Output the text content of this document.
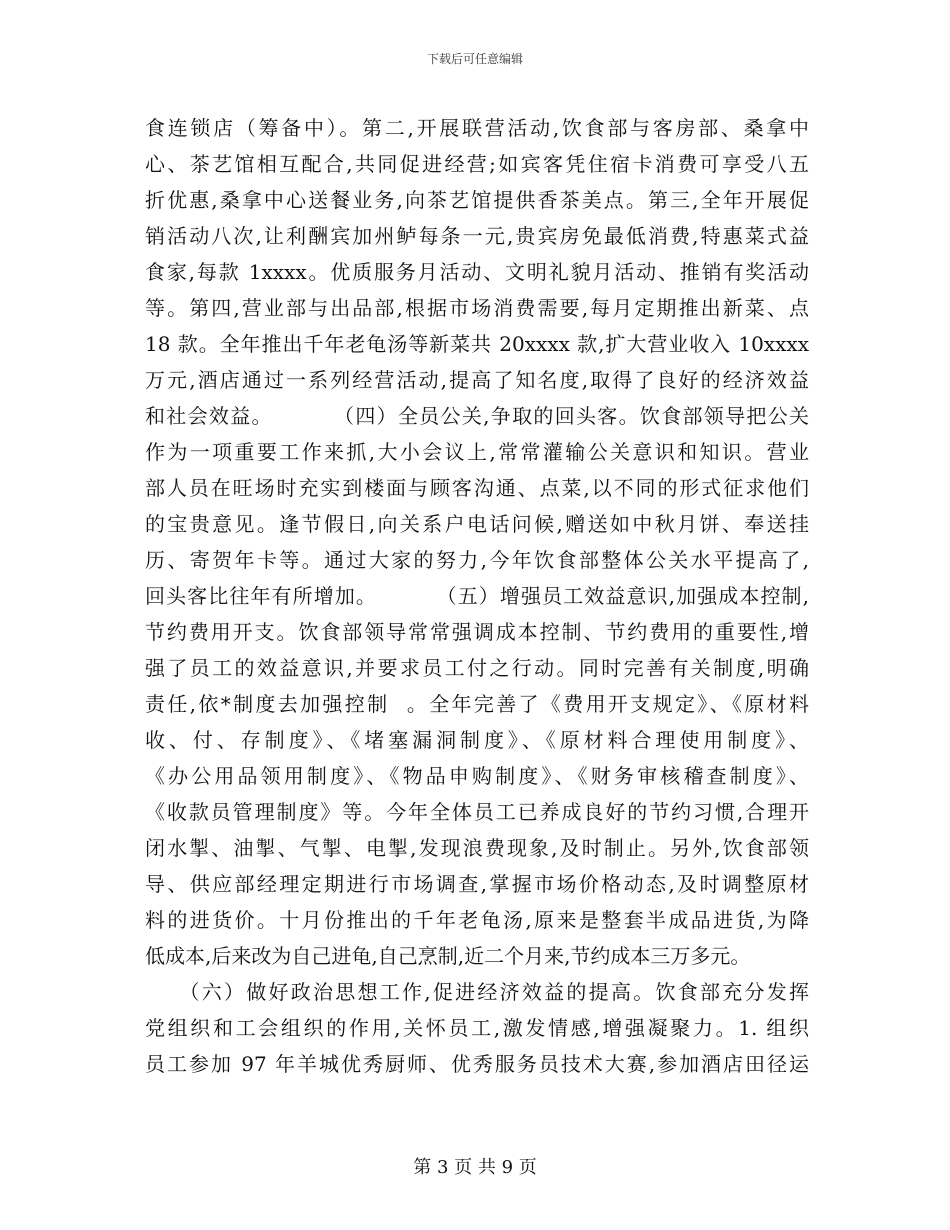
下载后可任意编辑
食连锁店（筹备中）。第二,开展联营活动,饮食部与客房部、桑拿中
心、茶艺馆相互配合,共同促进经营;如宾客凭住宿卡消费可享受八五
折优惠,桑拿中心送餐业务,向茶艺馆提供香茶美点。第三,全年开展促
销活动八次,让利酬宾加州鲈每条一元,贵宾房免最低消费,特惠菜式益
食家,每款 1xxxx。优质服务月活动、文明礼貌月活动、推销有奖活动
等。第四,营业部与出品部,根据市场消费需要,每月定期推出新菜、点
18 款。全年推出千年老龟汤等新菜共 20xxxx 款,扩大营业收入 10xxxx
万元,酒店通过一系列经营活动,提高了知名度,取得了良好的经济效益
和社会效益。        （四）全员公关,争取的回头客。饮食部领导把公关
作为一项重要工作来抓,大小会议上,常常灌输公关意识和知识。营业
部人员在旺场时充实到楼面与顾客沟通、点菜,以不同的形式征求他们
的宝贵意见。逢节假日,向关系户电话问候,赠送如中秋月饼、奉送挂
历、寄贺年卡等。通过大家的努力,今年饮食部整体公关水平提高了,
回头客比往年有所增加。        （五）增强员工效益意识,加强成本控制,
节约费用开支。饮食部领导常常强调成本控制、节约费用的重要性,增
强了员工的效益意识,并要求员工付之行动。同时完善有关制度,明确
责任,依*制度去加强控制  。全年完善了《费用开支规定》、《原材料
收、付、存制度》、《堵塞漏洞制度》、《原材料合理使用制度》、
《办公用品领用制度》、《物品申购制度》、《财务审核稽查制度》、
《收款员管理制度》等。今年全体员工已养成良好的节约习惯,合理开
闭水掣、油掣、气掣、电掣,发现浪费现象,及时制止。另外,饮食部领
导、供应部经理定期进行市场调查,掌握市场价格动态,及时调整原材
料的进货价。十月份推出的千年老龟汤,原来是整套半成品进货,为降
低成本,后来改为自己进龟,自己烹制,近二个月来,节约成本三万多元。
（六）做好政治思想工作,促进经济效益的提高。饮食部充分发挥
党组织和工会组织的作用,关怀员工,激发情感,增强凝聚力。1. 组织
员工参加 97 年羊城优秀厨师、优秀服务员技术大赛,参加酒店田径运
第 3 页 共 9 页
